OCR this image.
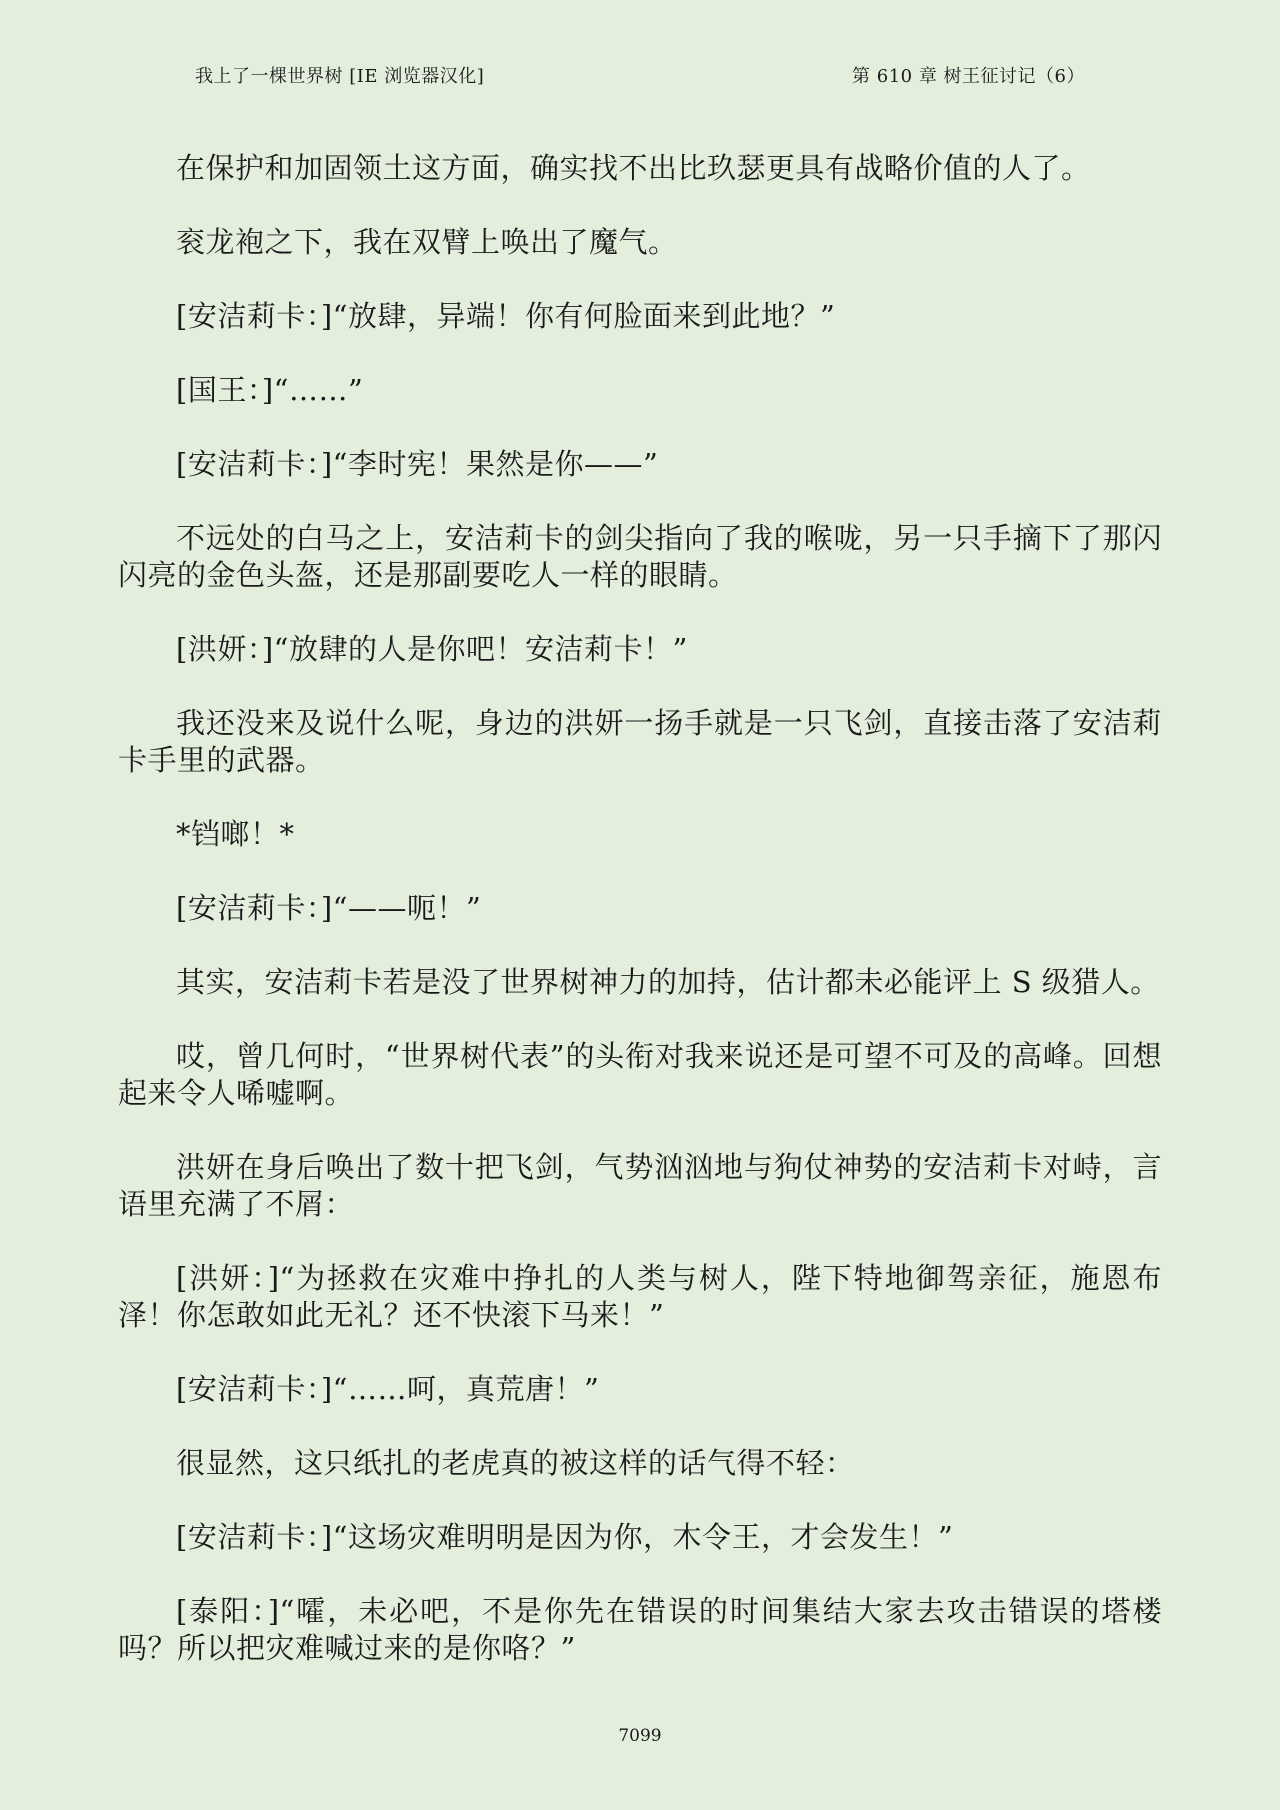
我上了一棵世界树 [IE 浏览器汉化]	第 610 章 树王征讨记（6）

在保护和加固领土这方面，确实找不出比玖瑟更具有战略价值的人了。

衮龙袍之下，我在双臂上唤出了魔气。

[安洁莉卡：]“放肆，异端！你有何脸面来到此地？”

[国王：]“……”

[安洁莉卡：]“李时宪！果然是你——”

不远处的白马之上，安洁莉卡的剑尖指向了我的喉咙，另一只手摘下了那闪闪亮的金色头盔，还是那副要吃人一样的眼睛。

[洪妍：]“放肆的人是你吧！安洁莉卡！”

我还没来及说什么呢，身边的洪妍一扬手就是一只飞剑，直接击落了安洁莉卡手里的武器。

*铛啷！*

[安洁莉卡：]“——呃！”

其实，安洁莉卡若是没了世界树神力的加持，估计都未必能评上 S 级猎人。

哎，曾几何时，“世界树代表”的头衔对我来说还是可望不可及的高峰。回想起来令人唏嘘啊。

洪妍在身后唤出了数十把飞剑，气势汹汹地与狗仗神势的安洁莉卡对峙，言语里充满了不屑：

[洪妍：]“为拯救在灾难中挣扎的人类与树人，陛下特地御驾亲征，施恩布泽！你怎敢如此无礼？还不快滚下马来！”

[安洁莉卡：]“……呵，真荒唐！”

很显然，这只纸扎的老虎真的被这样的话气得不轻：

[安洁莉卡：]“这场灾难明明是因为你，木令王，才会发生！”

[泰阳：]“嚯，未必吧，不是你先在错误的时间集结大家去攻击错误的塔楼吗？所以把灾难喊过来的是你咯？”

7099
